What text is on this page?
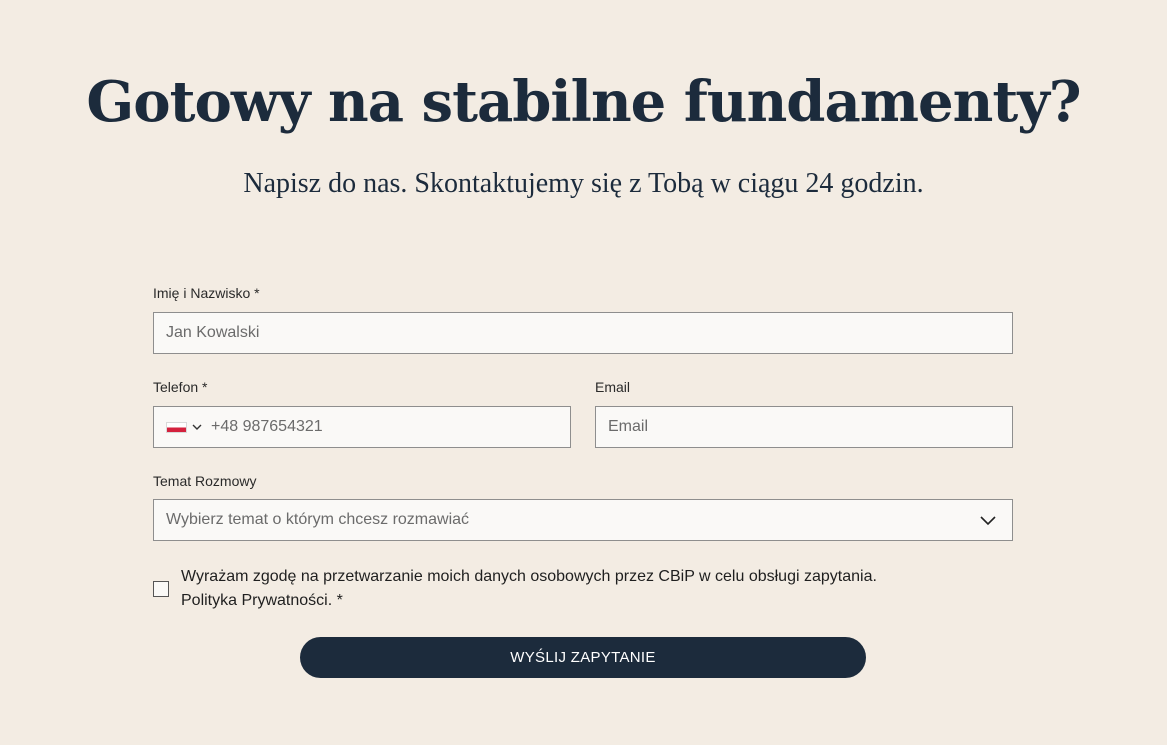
Gotowy na stabilne fundamenty?

Napisz do nas. Skontaktujemy się z Tobą w ciągu 24 godzin.

Imię i Nazwisko *
Jan Kowalski
Telefon *
+48 987654321
Email
Email
Temat Rozmowy
Wybierz temat o którym chcesz rozmawiać
Wyrażam zgodę na przetwarzanie moich danych osobowych przez CBiP w celu obsługi zapytania.
Polityka Prywatności. *
WYŚLIJ ZAPYTANIE
